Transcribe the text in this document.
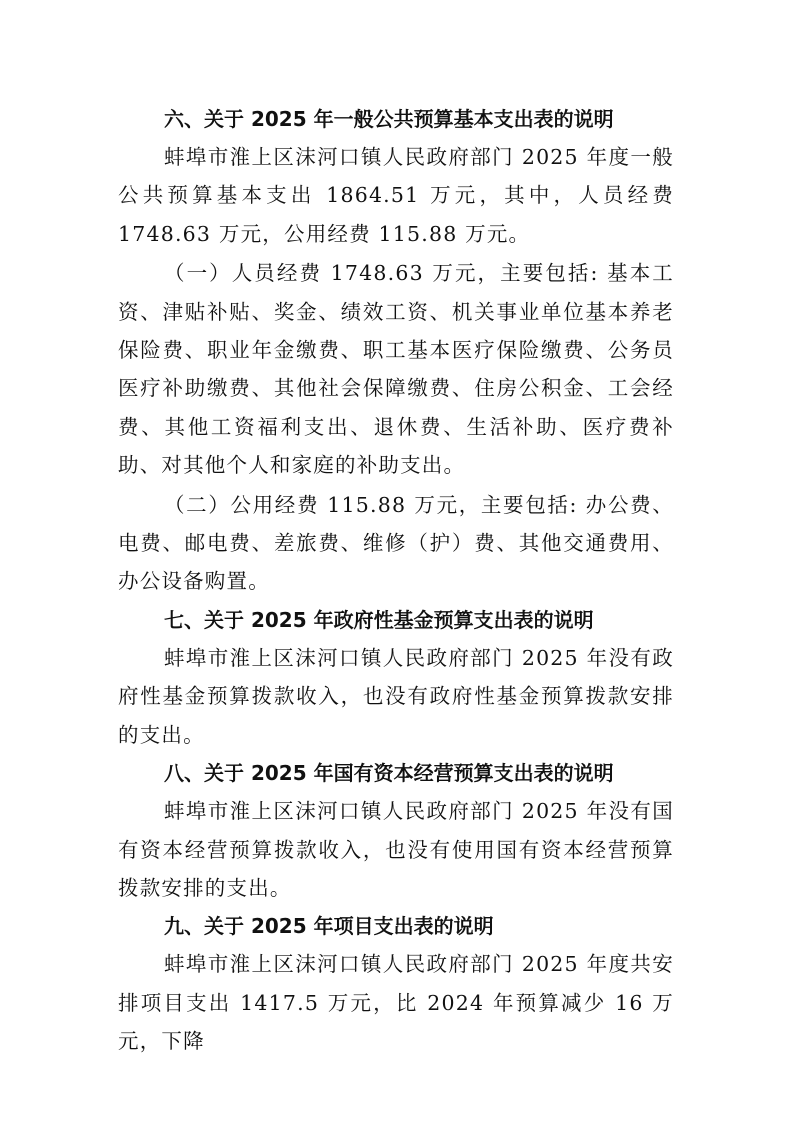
六、关于 2025 年一般公共预算基本支出表的说明

蚌埠市淮上区沫河口镇人民政府部门 2025 年度一般公共预算基本支出 1864.51 万元，其中，人员经费 1748.63 万元，公用经费 115.88 万元。

（一）人员经费 1748.63 万元，主要包括: 基本工资、津贴补贴、奖金、绩效工资、机关事业单位基本养老保险费、职业年金缴费、职工基本医疗保险缴费、公务员医疗补助缴费、其他社会保障缴费、住房公积金、工会经费、其他工资福利支出、退休费、生活补助、医疗费补助、对其他个人和家庭的补助支出。

（二）公用经费 115.88 万元，主要包括: 办公费、电费、邮电费、差旅费、维修（护）费、其他交通费用、办公设备购置。

七、关于 2025 年政府性基金预算支出表的说明

蚌埠市淮上区沫河口镇人民政府部门 2025 年没有政府性基金预算拨款收入，也没有政府性基金预算拨款安排的支出。

八、关于 2025 年国有资本经营预算支出表的说明

蚌埠市淮上区沫河口镇人民政府部门 2025 年没有国有资本经营预算拨款收入，也没有使用国有资本经营预算拨款安排的支出。

九、关于 2025 年项目支出表的说明

蚌埠市淮上区沫河口镇人民政府部门 2025 年度共安排项目支出 1417.5 万元，比 2024 年预算减少 16 万元，下降
